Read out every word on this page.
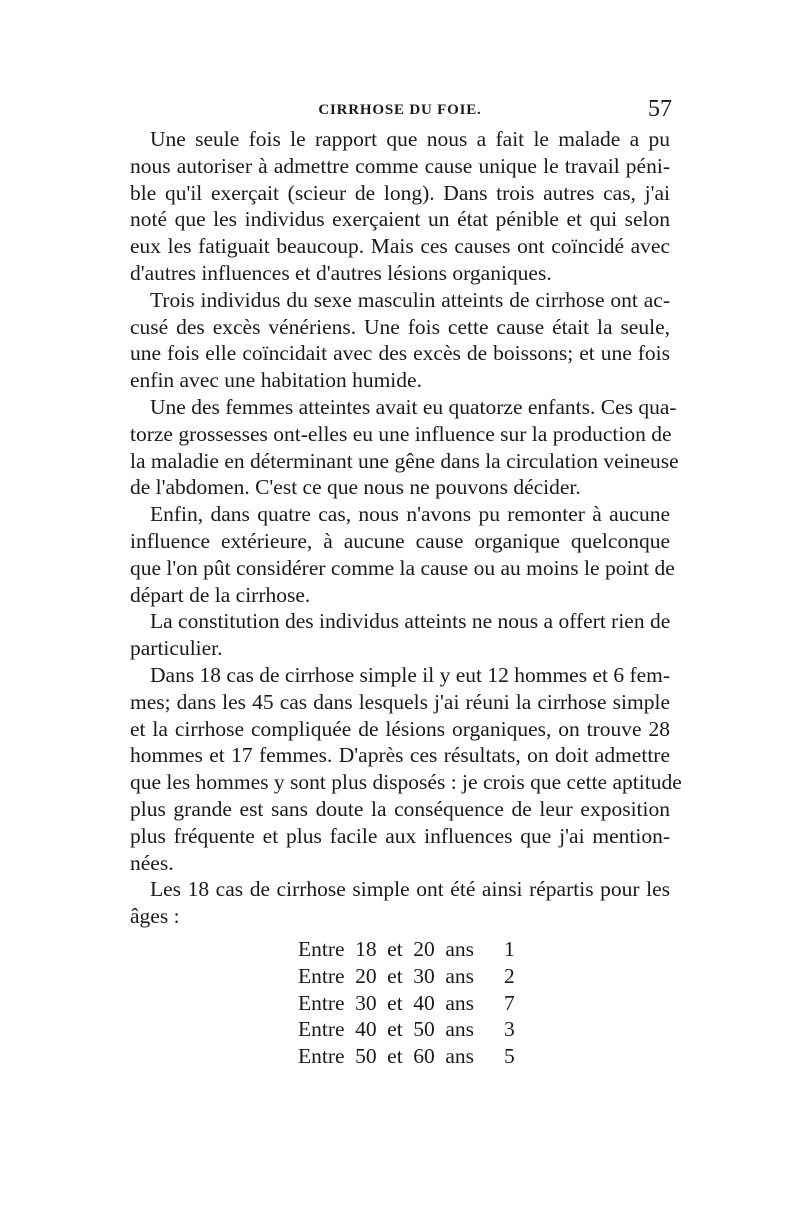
CIRRHOSE DU FOIE.	57
Une seule fois le rapport que nous a fait le malade a pu
nous autoriser à admettre comme cause unique le travail péni-
ble qu'il exerçait (scieur de long). Dans trois autres cas, j'ai
noté que les individus exerçaient un état pénible et qui selon
eux les fatiguait beaucoup. Mais ces causes ont coïncidé avec
d'autres influences et d'autres lésions organiques.
Trois individus du sexe masculin atteints de cirrhose ont ac-
cusé des excès vénériens. Une fois cette cause était la seule,
une fois elle coïncidait avec des excès de boissons; et une fois
enfin avec une habitation humide.
Une des femmes atteintes avait eu quatorze enfants. Ces qua-
torze grossesses ont-elles eu une influence sur la production de
la maladie en déterminant une gêne dans la circulation veineuse
de l'abdomen. C'est ce que nous ne pouvons décider.
Enfin, dans quatre cas, nous n'avons pu remonter à aucune
influence extérieure, à aucune cause organique quelconque
que l'on pût considérer comme la cause ou au moins le point de
départ de la cirrhose.
La constitution des individus atteints ne nous a offert rien de
particulier.
Dans 18 cas de cirrhose simple il y eut 12 hommes et 6 fem-
mes; dans les 45 cas dans lesquels j'ai réuni la cirrhose simple
et la cirrhose compliquée de lésions organiques, on trouve 28
hommes et 17 femmes. D'après ces résultats, on doit admettre
que les hommes y sont plus disposés : je crois que cette aptitude
plus grande est sans doute la conséquence de leur exposition
plus fréquente et plus facile aux influences que j'ai mention-
nées.
Les 18 cas de cirrhose simple ont été ainsi répartis pour les
âges :
Entre 18 et 20 ans 1
Entre 20 et 30 ans 2
Entre 30 et 40 ans 7
Entre 40 et 50 ans 3
Entre 50 et 60 ans 5
